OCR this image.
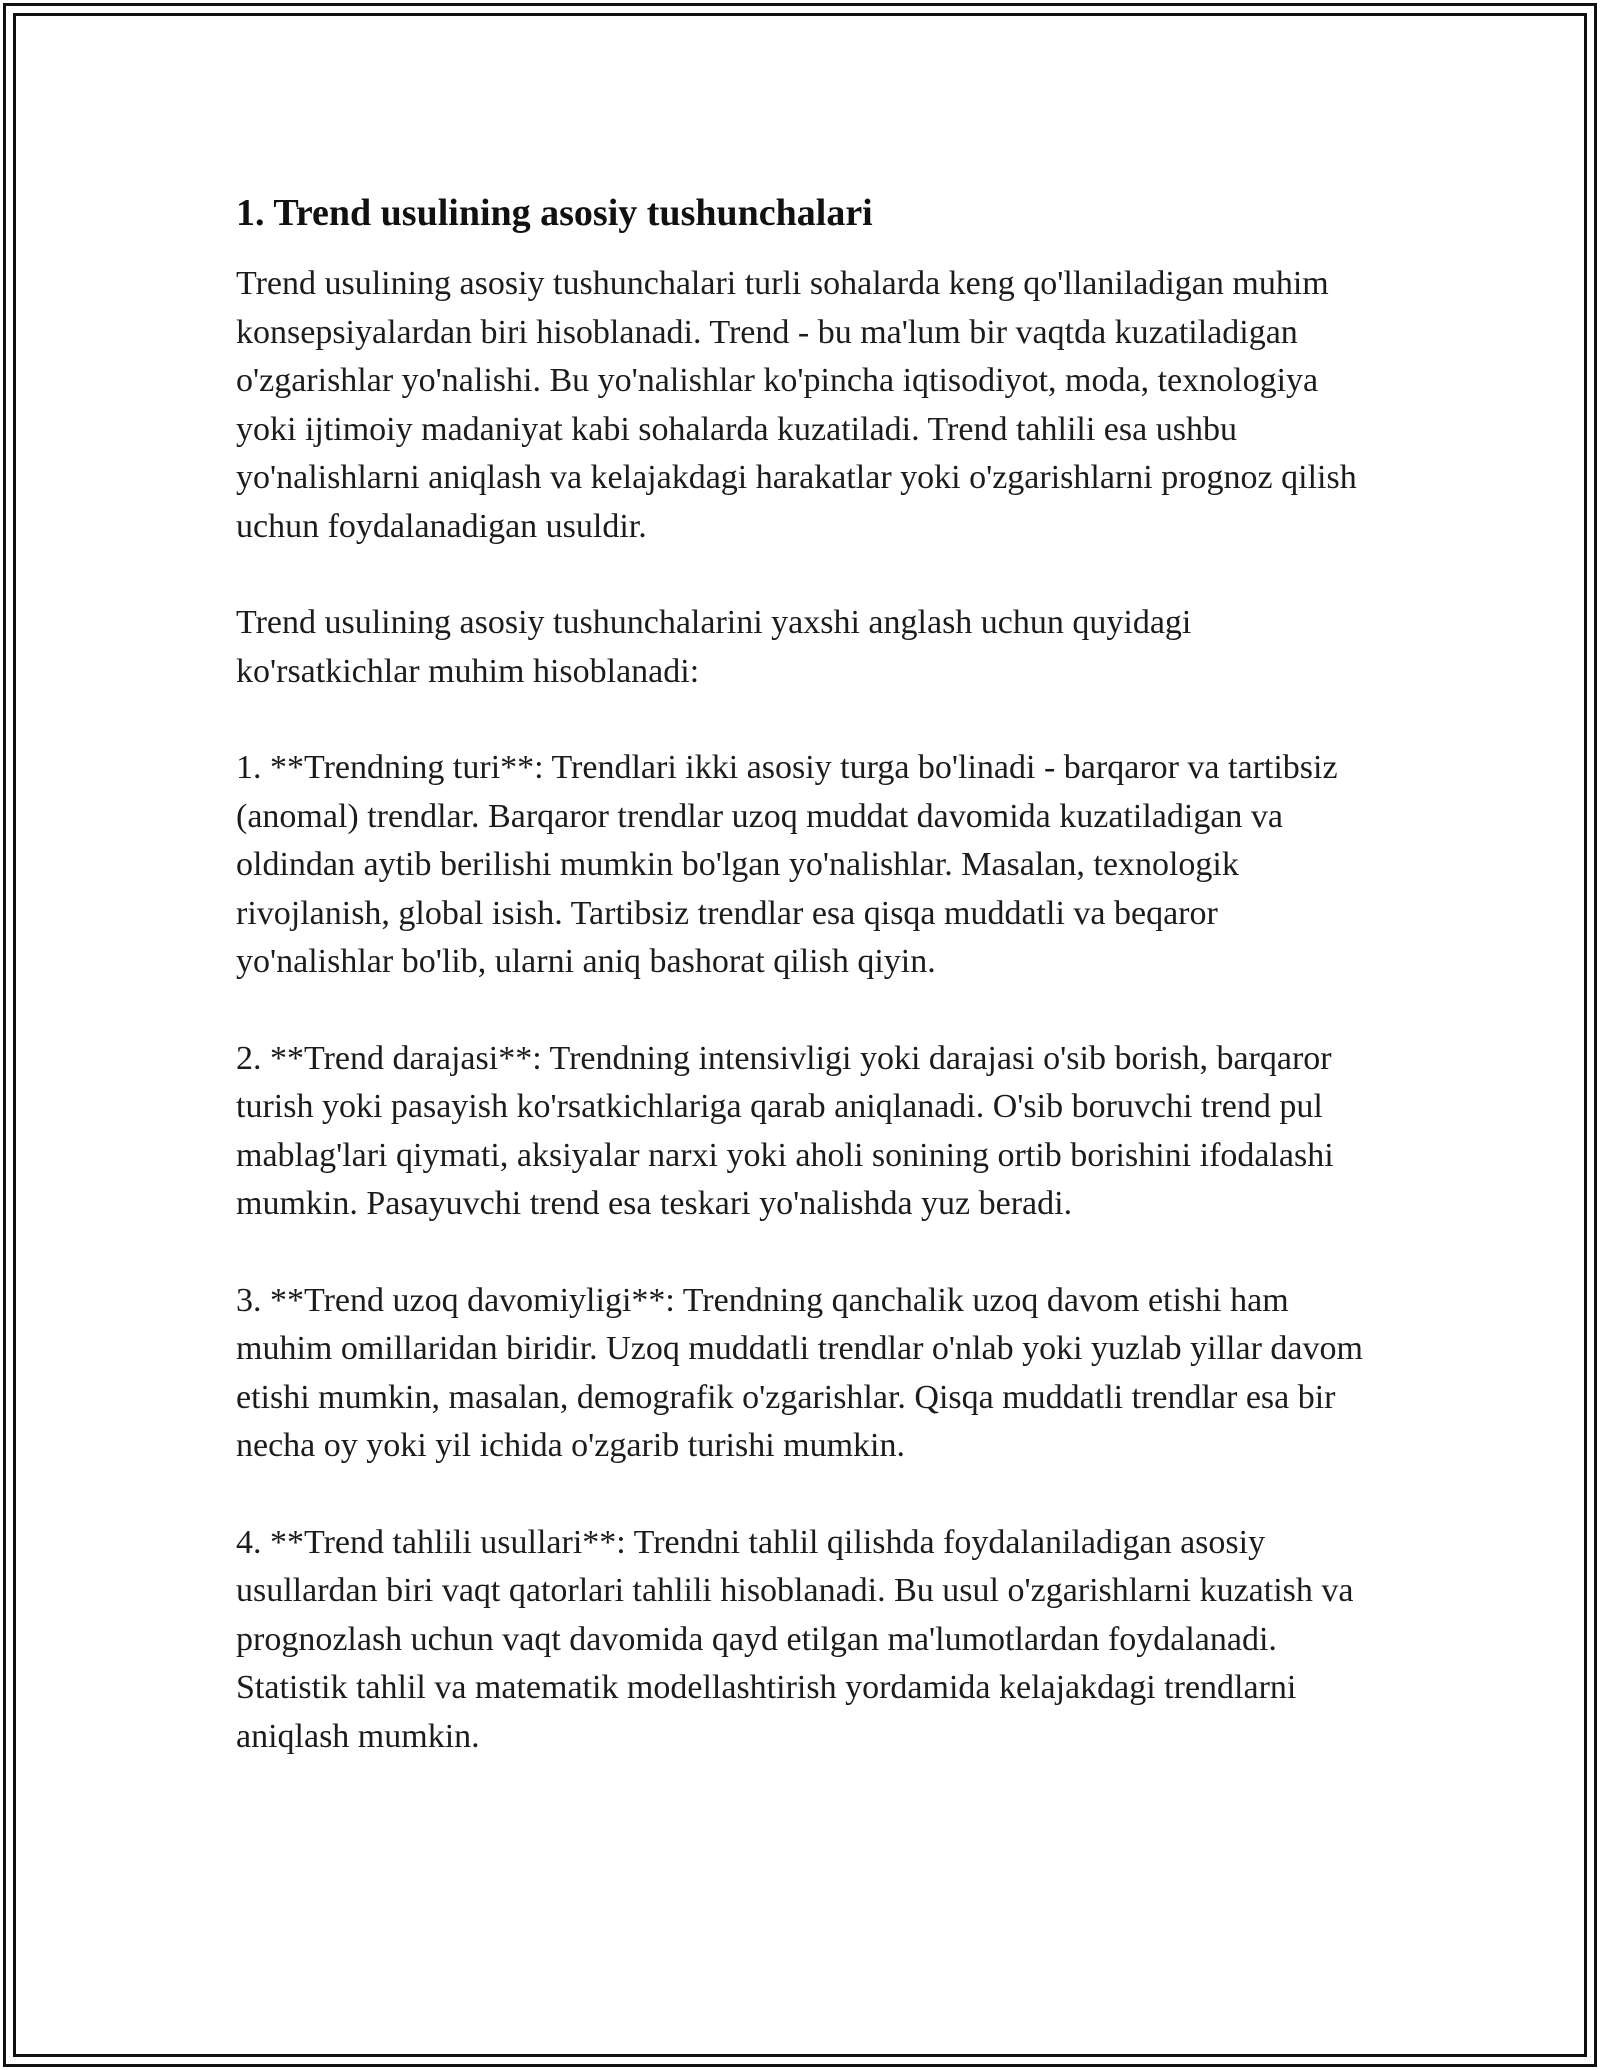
1. Trend usulining asosiy tushunchalari

Trend usulining asosiy tushunchalari turli sohalarda keng qo'llaniladigan muhim konsepsiyalardan biri hisoblanadi. Trend - bu ma'lum bir vaqtda kuzatiladigan o'zgarishlar yo'nalishi. Bu yo'nalishlar ko'pincha iqtisodiyot, moda, texnologiya yoki ijtimoiy madaniyat kabi sohalarda kuzatiladi. Trend tahlili esa ushbu yo'nalishlarni aniqlash va kelajakdagi harakatlar yoki o'zgarishlarni prognoz qilish uchun foydalanadigan usuldir.

Trend usulining asosiy tushunchalarini yaxshi anglash uchun quyidagi ko'rsatkichlar muhim hisoblanadi:

1. **Trendning turi**: Trendlari ikki asosiy turga bo'linadi - barqaror va tartibsiz (anomal) trendlar. Barqaror trendlar uzoq muddat davomida kuzatiladigan va oldindan aytib berilishi mumkin bo'lgan yo'nalishlar. Masalan, texnologik rivojlanish, global isish. Tartibsiz trendlar esa qisqa muddatli va beqaror yo'nalishlar bo'lib, ularni aniq bashorat qilish qiyin.

2. **Trend darajasi**: Trendning intensivligi yoki darajasi o'sib borish, barqaror turish yoki pasayish ko'rsatkichlariga qarab aniqlanadi. O'sib boruvchi trend pul mablag'lari qiymati, aksiyalar narxi yoki aholi sonining ortib borishini ifodalashi mumkin. Pasayuvchi trend esa teskari yo'nalishda yuz beradi.

3. **Trend uzoq davomiyligi**: Trendning qanchalik uzoq davom etishi ham muhim omillaridan biridir. Uzoq muddatli trendlar o'nlab yoki yuzlab yillar davom etishi mumkin, masalan, demografik o'zgarishlar. Qisqa muddatli trendlar esa bir necha oy yoki yil ichida o'zgarib turishi mumkin.

4. **Trend tahlili usullari**: Trendni tahlil qilishda foydalaniladigan asosiy usullardan biri vaqt qatorlari tahlili hisoblanadi. Bu usul o'zgarishlarni kuzatish va prognozlash uchun vaqt davomida qayd etilgan ma'lumotlardan foydalanadi. Statistik tahlil va matematik modellashtirish yordamida kelajakdagi trendlarni aniqlash mumkin.
